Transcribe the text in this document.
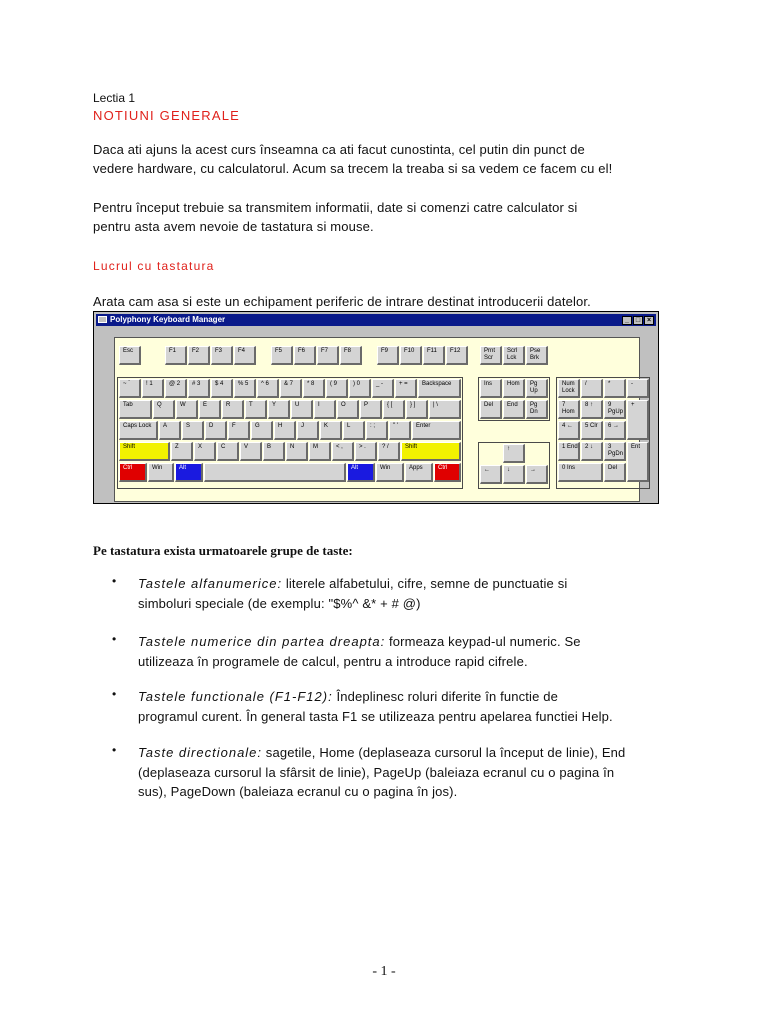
Lectia 1
NOTIUNI GENERALE
Daca ati ajuns la acest curs înseamna ca ati facut cunostinta, cel putin din punct de
vedere hardware, cu calculatorul. Acum sa trecem la treaba si sa vedem ce facem cu el!
Pentru început trebuie sa transmitem informatii, date si comenzi catre calculator si
pentru asta avem nevoie de tastatura si mouse.
Lucrul cu tastatura
Arata cam asa si este un echipament periferic de intrare destinat introducerii datelor.
Polyphony Keyboard Manager	_ □ ×
Esc	F1	F2	F3	F4	F5	F6	F7	F8	F9	F10	F11	F12	Prnt Scr
Scrl Lck
Pse Brk
~ `	! 1	@ 2	# 3	$ 4	% 5	^ 6	& 7	* 8	( 9	) 0	_ -	+ =	Backspace
Tab	Q	W	E	R	T	Y	U	I	O	P	{ [	} ]	| \
Caps Lock	A	S	D	F	G	H	J	K	L	: ;	" '	Enter
Shift	Z	X	C	V	B	N	M	< ,	> .	? /	Shift
Ctrl	Win	Alt	Alt	Win	Apps	Ctrl
Ins	Hom	Pg Up
Del	End	Pg Dn
↑
←	↓	→
Num Lock
/	*	-
7 Hom
8 ↑	9 PgUp
+
4 ←	5 Clr	6 →
1 End	2 ↓	3 PgDn
Ent
0 Ins	Del
Pe tastatura exista urmatoarele grupe de taste:
• Tastele alfanumerice: literele alfabetului, cifre, semne de punctuatie si
simboluri speciale (de exemplu: "$%^ &* + # @)
• Tastele numerice din partea dreapta: formeaza keypad-ul numeric. Se
utilizeaza în programele de calcul, pentru a introduce rapid cifrele.
• Tastele functionale (F1-F12): Îndeplinesc roluri diferite în functie de
programul curent. În general tasta F1 se utilizeaza pentru apelarea functiei Help.
• Taste directionale: sagetile, Home (deplaseaza cursorul la început de linie), End
(deplaseaza cursorul la sfârsit de linie), PageUp (baleiaza ecranul cu o pagina în
sus), PageDown (baleiaza ecranul cu o pagina în jos).
- 1 -
